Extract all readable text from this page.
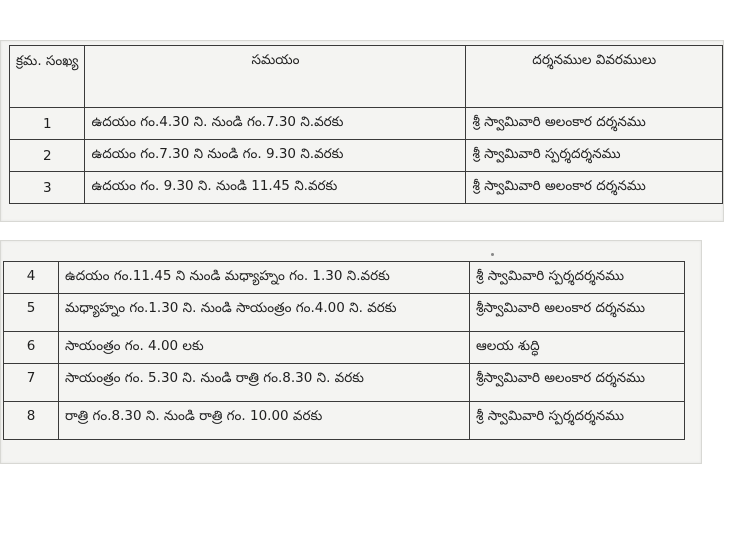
క్రమ. సంఖ్య	సమయం	దర్శనముల వివరములు
1	ఉదయం గం.4.30 ని. నుండి గం.7.30 ని.వరకు	శ్రీ స్వామివారి అలంకార దర్శనము
2	ఉదయం గం.7.30 ని నుండి గం. 9.30 ని.వరకు	శ్రీ స్వామివారి స్పర్శదర్శనము
3	ఉదయం గం. 9.30 ని. నుండి 11.45 ని.వరకు	శ్రీ స్వామివారి అలంకార దర్శనము
4	ఉదయం గం.11.45 ని నుండి మధ్యాహ్నం గం. 1.30 ని.వరకు	శ్రీ స్వామివారి స్పర్శదర్శనము
5	మధ్యాహ్నం గం.1.30 ని. నుండి సాయంత్రం గం.4.00 ని. వరకు	శ్రీస్వామివారి అలంకార దర్శనము
6	సాయంత్రం గం. 4.00 లకు	ఆలయ శుద్ధి
7	సాయంత్రం గం. 5.30 ని. నుండి రాత్రి గం.8.30 ని. వరకు	శ్రీస్వామివారి అలంకార దర్శనము
8	రాత్రి గం.8.30 ని. నుండి రాత్రి గం. 10.00 వరకు	శ్రీ స్వామివారి స్పర్శదర్శనము
